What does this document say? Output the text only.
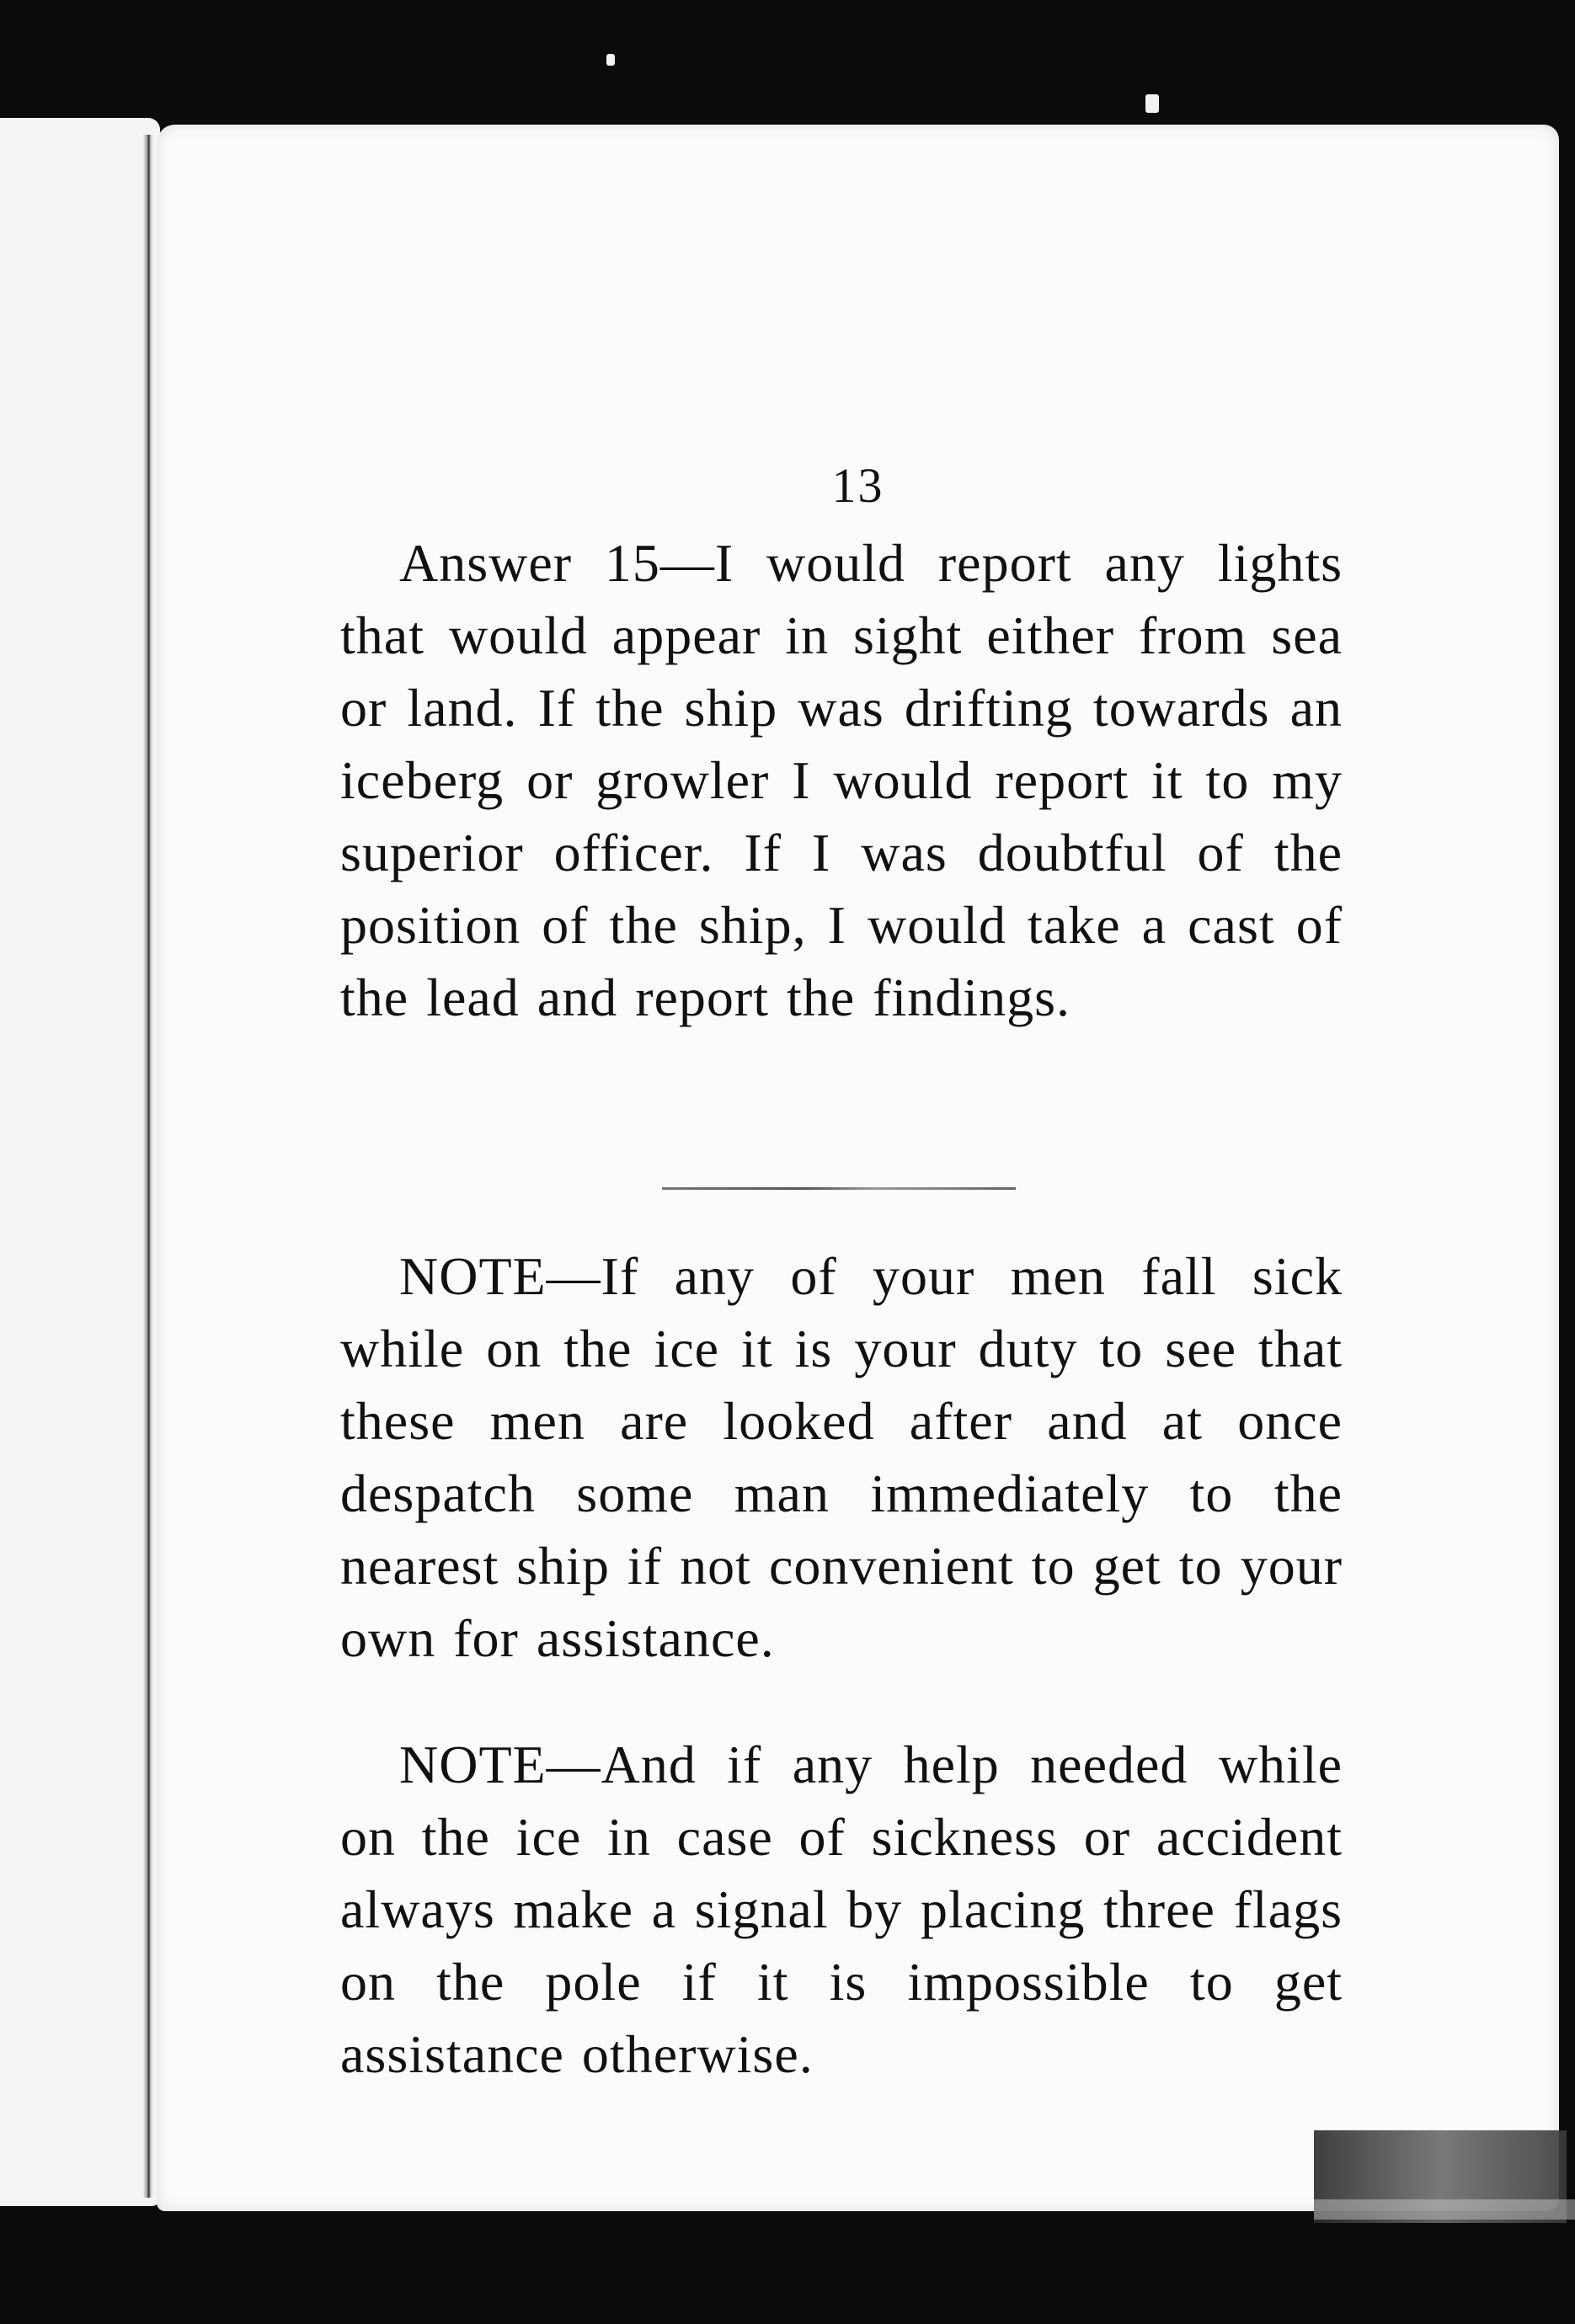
13
Answer 15—I would report any lights that would appear in sight either from sea or land. If the ship was drifting towards an iceberg or growler I would report it to my superior officer. If I was doubtful of the position of the ship, I would take a cast of the lead and report the findings.
NOTE—If any of your men fall sick while on the ice it is your duty to see that these men are looked after and at once despatch some man immediately to the nearest ship if not convenient to get to your own for assistance.
NOTE—And if any help needed while on the ice in case of sickness or accident always make a signal by placing three flags on the pole if it is impossible to get assistance otherwise.
